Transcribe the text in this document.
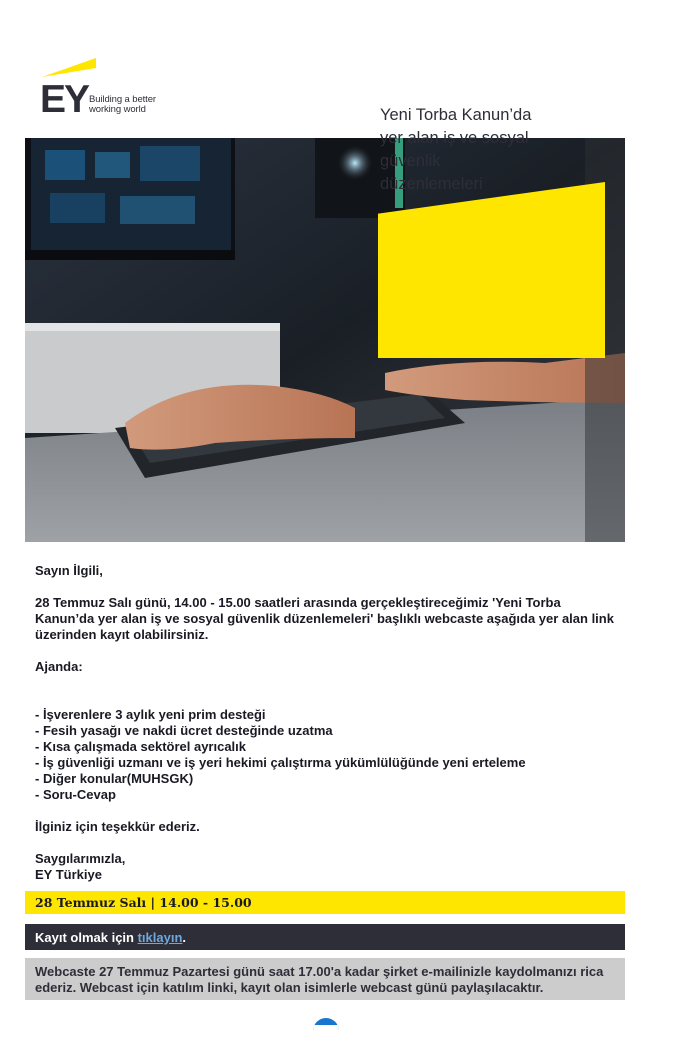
EY Building a better
working world	Yeni Torba Kanun’da
yer alan iş ve sosyal
güvenlik
düzenlemeleri

Sayın İlgili,

28 Temmuz Salı günü, 14.00 - 15.00 saatleri arasında gerçekleştireceğimiz 'Yeni Torba Kanun’da yer alan iş ve sosyal güvenlik düzenlemeleri' başlıklı webcaste aşağıda yer alan link üzerinden kayıt olabilirsiniz.

Ajanda:

- İşverenlere 3 aylık yeni prim desteği
- Fesih yasağı ve nakdi ücret desteğinde uzatma
- Kısa çalışmada sektörel ayrıcalık
- İş güvenliği uzmanı ve iş yeri hekimi çalıştırma yükümlülüğünde yeni erteleme
- Diğer konular(MUHSGK)
- Soru-Cevap

İlginiz için teşekkür ederiz.

Saygılarımızla,

EY Türkiye

28 Temmuz Salı | 14.00 - 15.00
Kayıt olmak için tıklayın.
Webcaste 27 Temmuz Pazartesi günü saat 17.00'a kadar şirket e-mailinizle kaydolmanızı rica ederiz. Webcast için katılım linki, kayıt olan isimlerle webcast günü paylaşılacaktır.
